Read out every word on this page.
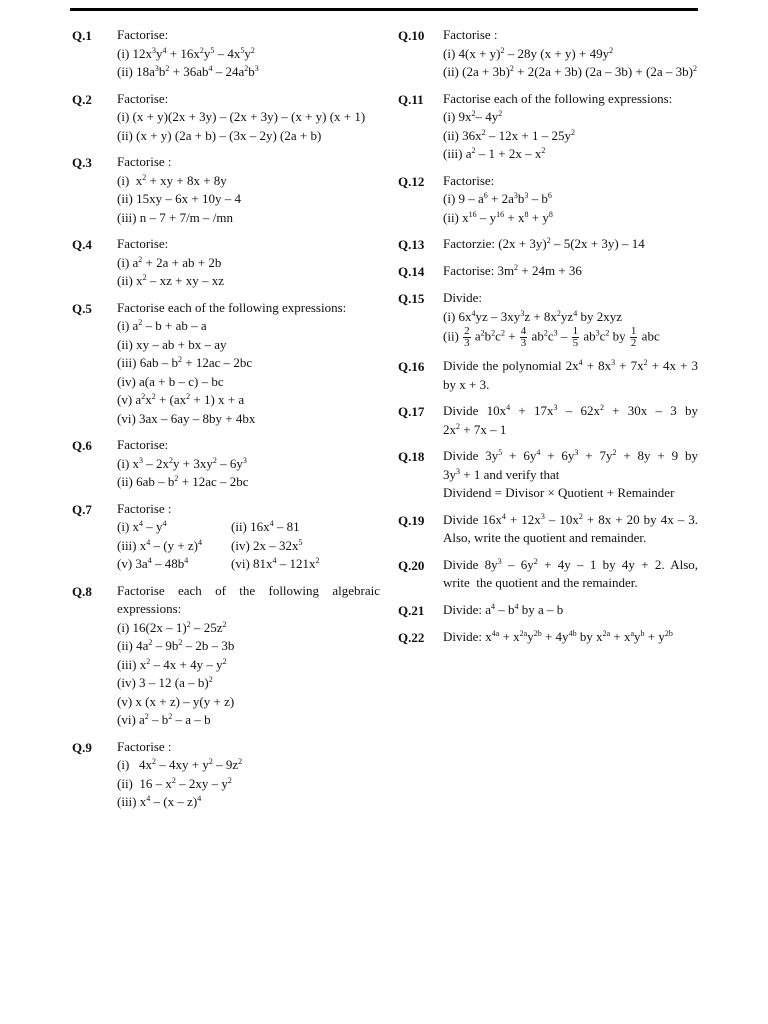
Q.1	Factorise:
(i) $12x^3y^4 + 16x^2y^5 - 4x^5y^2$
(ii) $18a^3b^2 + 36ab^4 - 24a^2b^3$
Q.2	Factorise:
(i) (x + y)(2x + 3y) – (2x + 3y) – (x + y) (x + 1)
(ii) (x + y) (2a + b) – (3x – 2y) (2a + b)
Q.3	Factorise :
(i)  $x^2$ + xy + 8x + 8y
(ii) 15xy – 6x + 10y – 4
(iii) n – 7 + 7/m – /mn
Q.4	Factorise:
(i) $a^2 + 2a$ + ab + 2b
(ii) $x^2$ – xz + xy – xz
Q.5	Factorise each of the following expressions:
(i) $a^2$ – b + ab – a
(ii) xy – ab + bx – ay
(iii) $6ab - b^2 + 12ac - 2bc$
(iv) a(a + b – c) – bc
(v) $a^2x^2 + (ax^2 + 1) x + a$
(vi) 3ax – 6ay – 8by + 4bx
Q.6	Factorise:
(i) $x^3 - 2x^2y + 3xy^2 - 6y^3$
(ii) $6ab - b^2 + 12ac - 2bc$
Q.7	Factorise :
(i) $x^4 - y^4$	(ii) $16x^4 - 81$
(iii) $x^4 - (y + z)^4$	(iv) $2x - 32x^5$
(v) $3a^4 - 48b^4$	(vi) $81x^4 - 121x^2$
Q.8	Factorise each of the following algebraic
expressions:
(i) $16(2x - 1)^2 - 25z^2$
(ii) $4a^2 - 9b^2 - 2b - 3b$
(iii) $x^2 - 4x + 4y - y^2$
(iv) 3 – 12 (a – b)$^2$
(v) x (x + z) – y(y + z)
(vi) $a^2 - b^2$ – a – b
Q.9	Factorise :
(i)   $4x^2 - 4xy + y^2 - 9z^2$
(ii)  $16 - x^2 - 2xy - y^2$
(iii) $x^4 - (x - z)^4$
Q.10	Factorise :
(i) $4(x + y)^2 - 28y$ $(x + y) + 49y^2$
(ii) $(2a + 3b)^2 + 2(2a + 3b)$ (2a – 3b) + (2a – 3b)$^2$
Q.11	Factorise each of the following expressions:
(i) $9x^2-$ $4y^2$
(ii) $36x^2 - 12x + 1 - 25y^2$
(iii) $a^2 - 1 + 2x - x^2$
Q.12	Factorise:
(i) $9 - a^6 + 2a^3b^3 - b^6$
(ii) $x^{16} - y^{16} + x^8 + y^8$
Q.13	Factorzie: $(2x + 3y)^2 - 5(2x + 3y) - 14$
Q.14	Factorise: $3m^2 + 24m + 36$
Q.15	Divide:
(i) $6x^4yz - 3xy^3z + 8x^2yz^4$ by 2xyz
$(ii) \frac{2}{3} a^2b^2c^2 + \frac{4}{3} ab^2c^3 - \frac{1}{5} ab^3c^2$ by $\frac{1}{2}$ abc
Q.16	Divide the polynomial $2x^4 + 8x^3 + 7x^2 + 4x + 3$
by x + 3.
Q.17	Divide $10x^4 + 17x^3 - 62x^2 + 30x - 3$ by
$2x^2 + 7x - 1$
Q.18	Divide $3y^5 + 6y^4 + 6y^3 + 7y^2 + 8y + 9$ by
$3y^3 + 1$ and verify that
Dividend = Divisor × Quotient + Remainder
Q.19	Divide $16x^4 + 12x^3 - 10x^2 + 8x + 20$ by 4x – 3.
Also, write the quotient and remainder.
Q.20	Divide $8y^3 - 6y^2 + 4y - 1$ by 4y + 2. Also,
write  the quotient and the remainder.
Q.21	Divide: $a^4 - b^4$ by a – b
Q.22	Divide: $x^{4a} + x^{2a}y^{2b} + 4y^{4b}$ by $x^{2a} + x^ay^b + y^{2b}$
